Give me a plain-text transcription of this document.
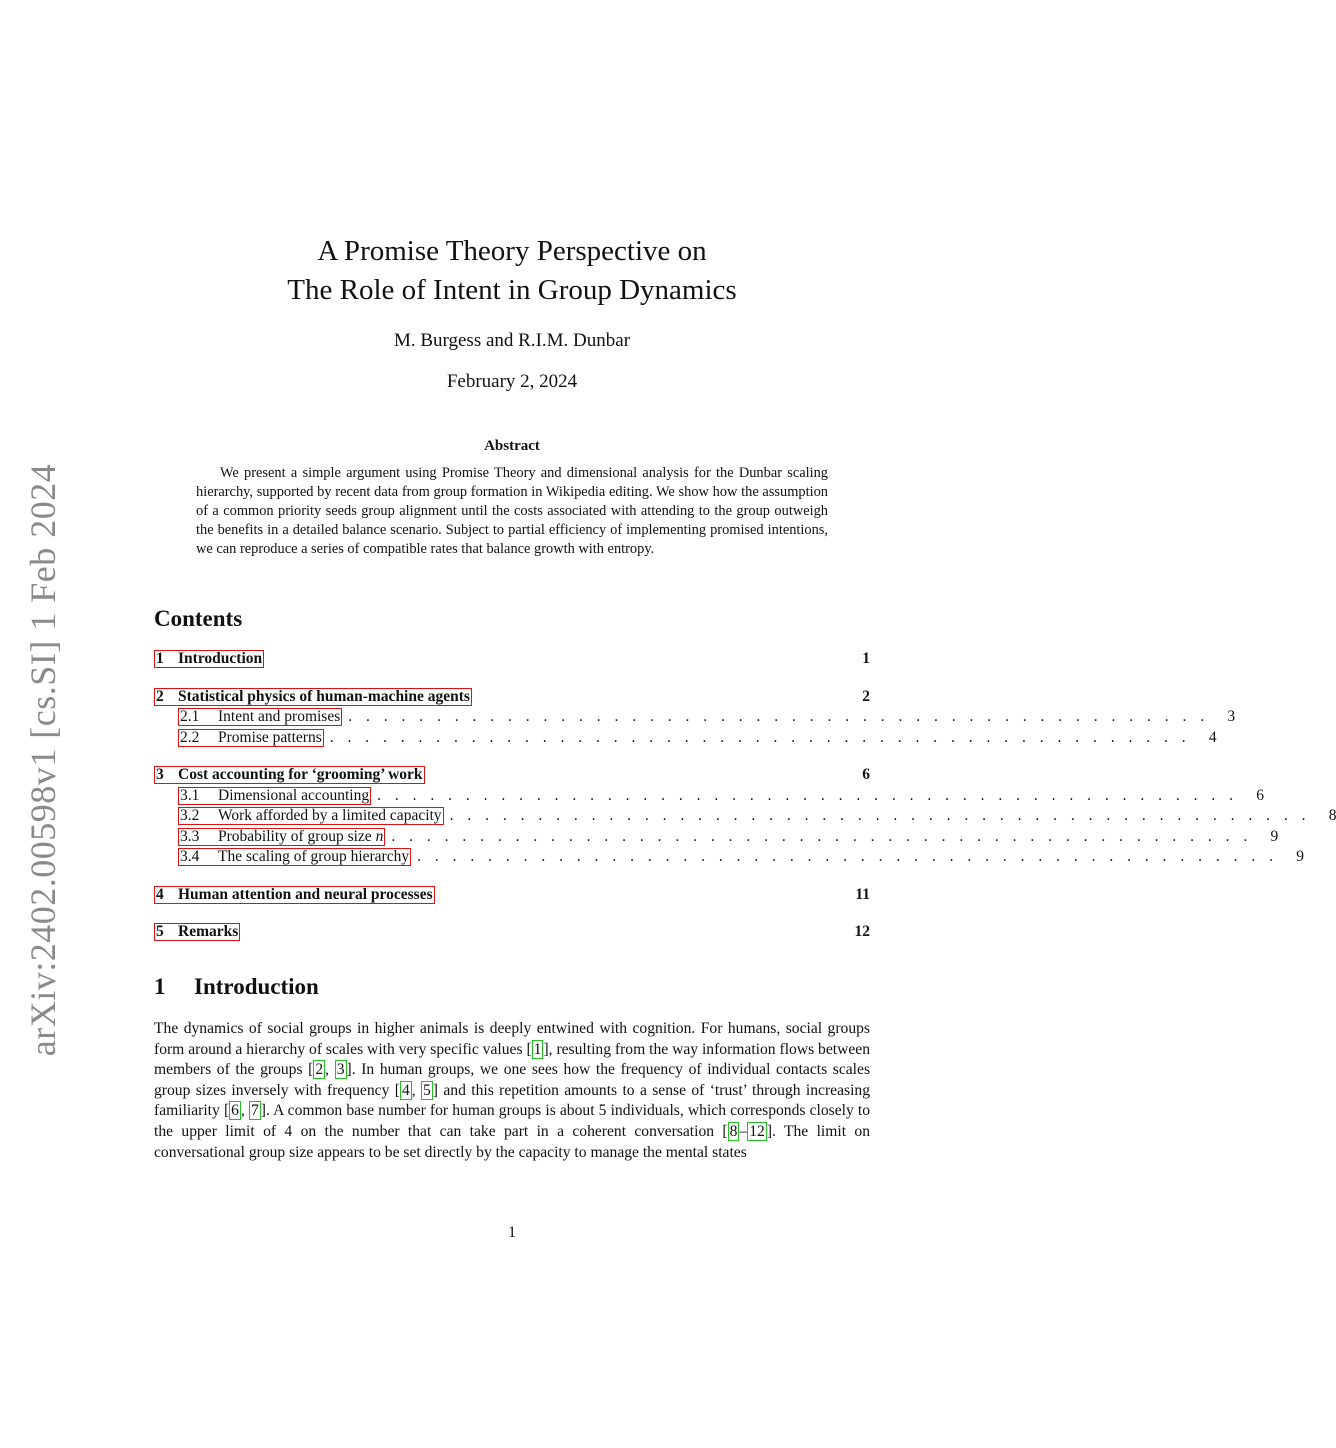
arXiv:2402.00598v1 [cs.SI] 1 Feb 2024
A Promise Theory Perspective on
The Role of Intent in Group Dynamics
M. Burgess and R.I.M. Dunbar
February 2, 2024
Abstract

We present a simple argument using Promise Theory and dimensional analysis for the Dunbar scaling hierarchy, supported by recent data from group formation in Wikipedia editing. We show how the assumption of a common priority seeds group alignment until the costs associated with attending to the group outweigh the benefits in a detailed balance scenario. Subject to partial efficiency of implementing promised intentions, we can reproduce a series of compatible rates that balance growth with entropy.

Contents
1 Introduction	1
2 Statistical physics of human-machine agents	2
2.1 Intent and promises . . . . . . . . . . . . . . . . . . . . . . . . . . . . . . . . . . . . . . . . . . . . . . . . .	3
2.2 Promise patterns . . . . . . . . . . . . . . . . . . . . . . . . . . . . . . . . . . . . . . . . . . . . . . . . .	4
3 Cost accounting for ‘grooming’ work	6
3.1 Dimensional accounting . . . . . . . . . . . . . . . . . . . . . . . . . . . . . . . . . . . . . . . . . . . . . . . . .	6
3.2 Work afforded by a limited capacity . . . . . . . . . . . . . . . . . . . . . . . . . . . . . . . . . . . . . . . . . . . . . . . . .	8
3.3 Probability of group size n . . . . . . . . . . . . . . . . . . . . . . . . . . . . . . . . . . . . . . . . . . . . . . . . .	9
3.4 The scaling of group hierarchy . . . . . . . . . . . . . . . . . . . . . . . . . . . . . . . . . . . . . . . . . . . . . . . . .	9
4 Human attention and neural processes	11
5 Remarks	12
1 Introduction

The dynamics of social groups in higher animals is deeply entwined with cognition. For humans, social groups form around a hierarchy of scales with very specific values [ 1 ], resulting from the way information flows between members of the groups [ 2 , 3 ]. In human groups, we one sees how the frequency of individual contacts scales group sizes inversely with frequency [ 4 , 5 ] and this repetition amounts to a sense of ‘trust’ through increasing familiarity [ 6 , 7 ]. A common base number for human groups is about 5 individuals, which corresponds closely to the upper limit of 4 on the number that can take part in a coherent conversation [ 8 – 12 ]. The limit on conversational group size appears to be set directly by the capacity to manage the mental states

1
